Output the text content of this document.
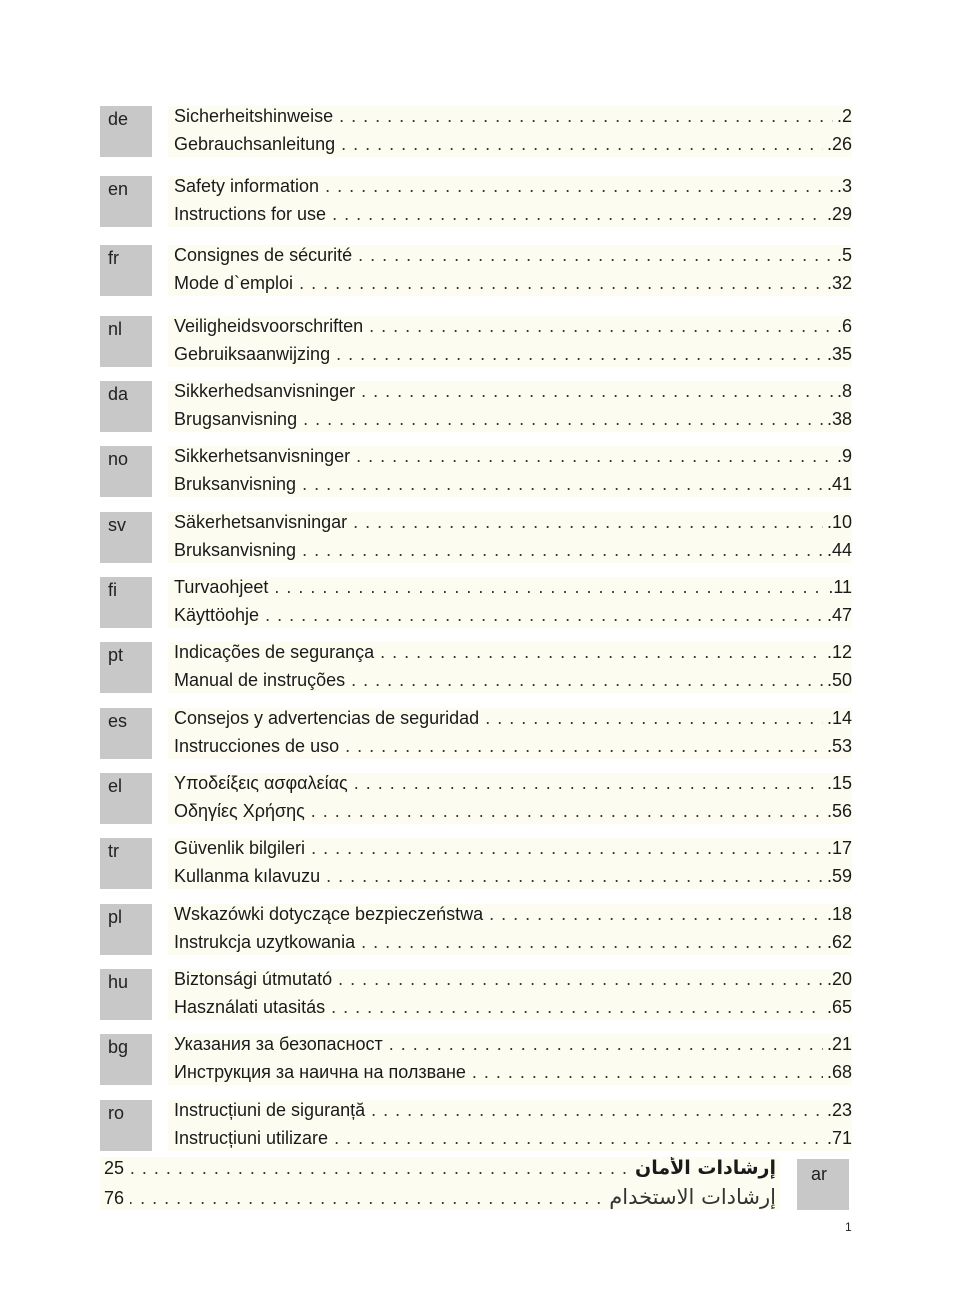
de	Sicherheitshinweise . . .	.2
Gebrauchsanleitung . . .	.26
en	Safety information . . .	.3
Instructions for use . . .	.29
fr	Consignes de sécurité . . .	.5
Mode d`emploi . . .	.32
nl	Veiligheidsvoorschriften . . .	.6
Gebruiksaanwijzing . . .	.35
da	Sikkerhedsanvisninger . . .	.8
Brugsanvisning . . .	.38
no	Sikkerhetsanvisninger . . .	.9
Bruksanvisning . . .	.41
sv	Säkerhetsanvisningar . . .	.10
Bruksanvisning . . .	.44
fi	Turvaohjeet . . .	.11
Käyttöohje . . .	.47
pt	Indicações de segurança . . .	.12
Manual de instruções . . .	.50
es	Consejos y advertencias de seguridad . . .	.14
Instrucciones de uso . . .	.53
el	Υποδείξεις ασφαλείας . . .	.15
Οδηγίες Χρήσης . . .	.56
tr	Güvenlik bilgileri . . .	.17
Kullanma kılavuzu . . .	.59
pl	Wskazówki dotyczące bezpieczeństwa . . .	.18
Instrukcja uzytkowania . . .	.62
hu	Biztonsági útmutató . . .	.20
Használati utasitás . . .	.65
bg	Указания за безопасност . . .	.21
Инструкция за наична на ползване . . .	.68
ro	Instrucțiuni de siguranță . . .	.23
Instrucțiuni utilizare . . .	.71
25 . . .	إرشادات الأمان
76 . . .	إرشادات الاستخدام
ar
1
